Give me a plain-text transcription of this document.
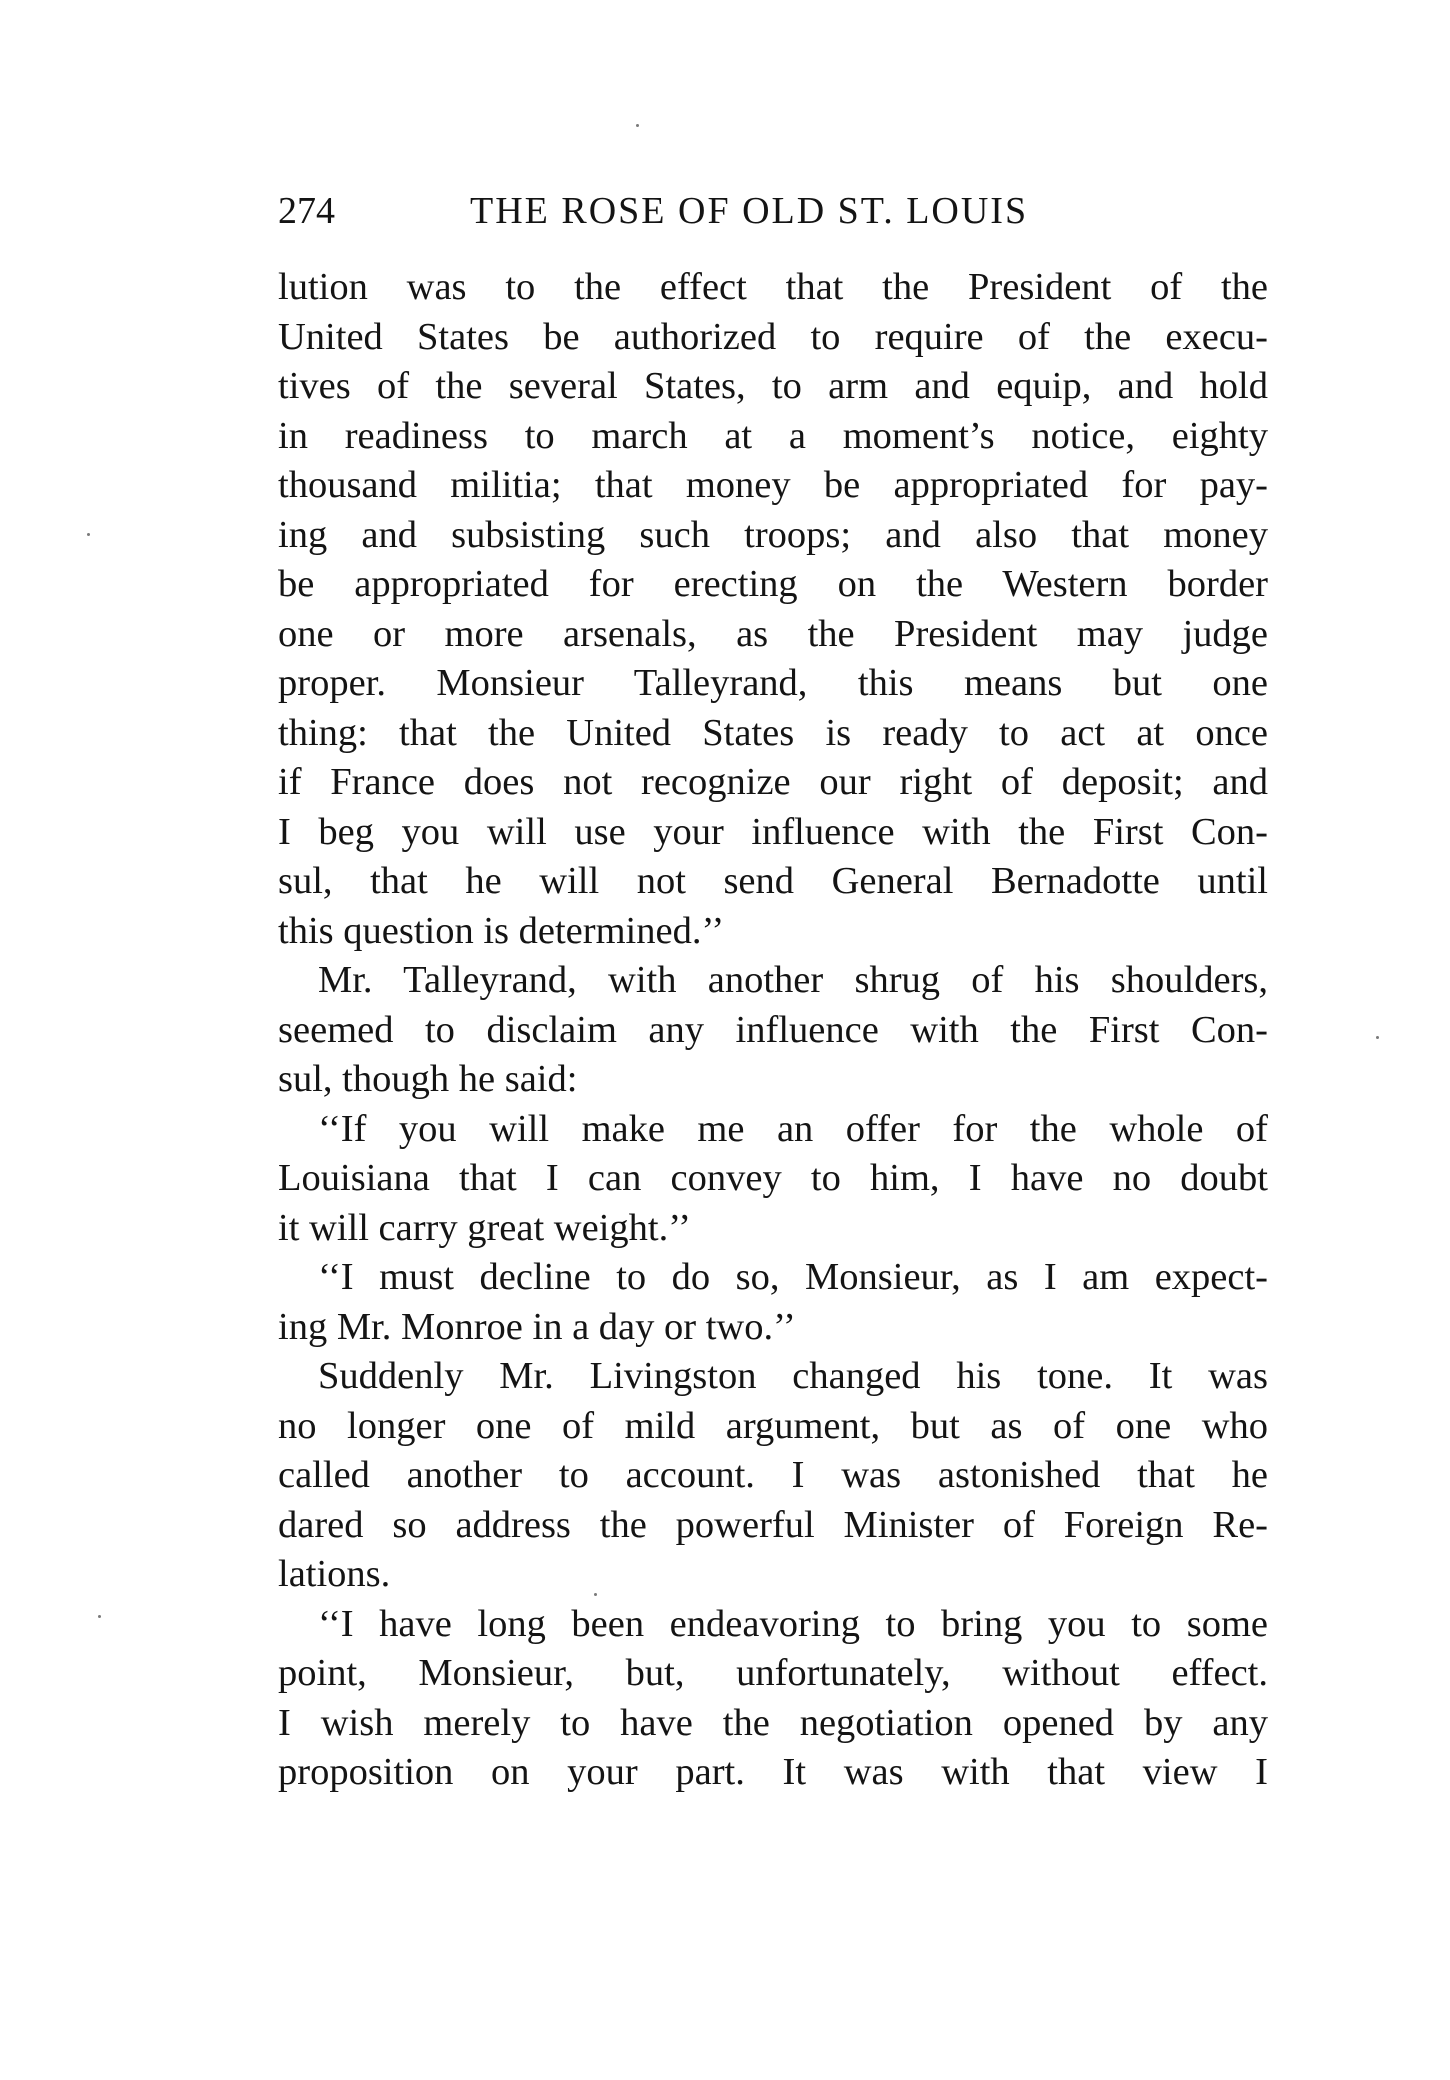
274	THE ROSE OF OLD ST. LOUIS
lution was to the effect that the President of the
United States be authorized to require of the execu-
tives of the several States, to arm and equip, and hold
in readiness to march at a moment’s notice, eighty
thousand militia; that money be appropriated for pay-
ing and subsisting such troops; and also that money
be appropriated for erecting on the Western border
one or more arsenals, as the President may judge
proper. Monsieur Talleyrand, this means but one
thing: that the United States is ready to act at once
if France does not recognize our right of deposit; and
I beg you will use your influence with the First Con-
sul, that he will not send General Bernadotte until
this question is determined.’’
Mr. Talleyrand, with another shrug of his shoulders,
seemed to disclaim any influence with the First Con-
sul, though he said:
‘‘If you will make me an offer for the whole of
Louisiana that I can convey to him, I have no doubt
it will carry great weight.’’
‘‘I must decline to do so, Monsieur, as I am expect-
ing Mr. Monroe in a day or two.’’
Suddenly Mr. Livingston changed his tone. It was
no longer one of mild argument, but as of one who
called another to account. I was astonished that he
dared so address the powerful Minister of Foreign Re-
lations.
‘‘I have long been endeavoring to bring you to some
point, Monsieur, but, unfortunately, without effect.
I wish merely to have the negotiation opened by any
proposition on your part. It was with that view I
